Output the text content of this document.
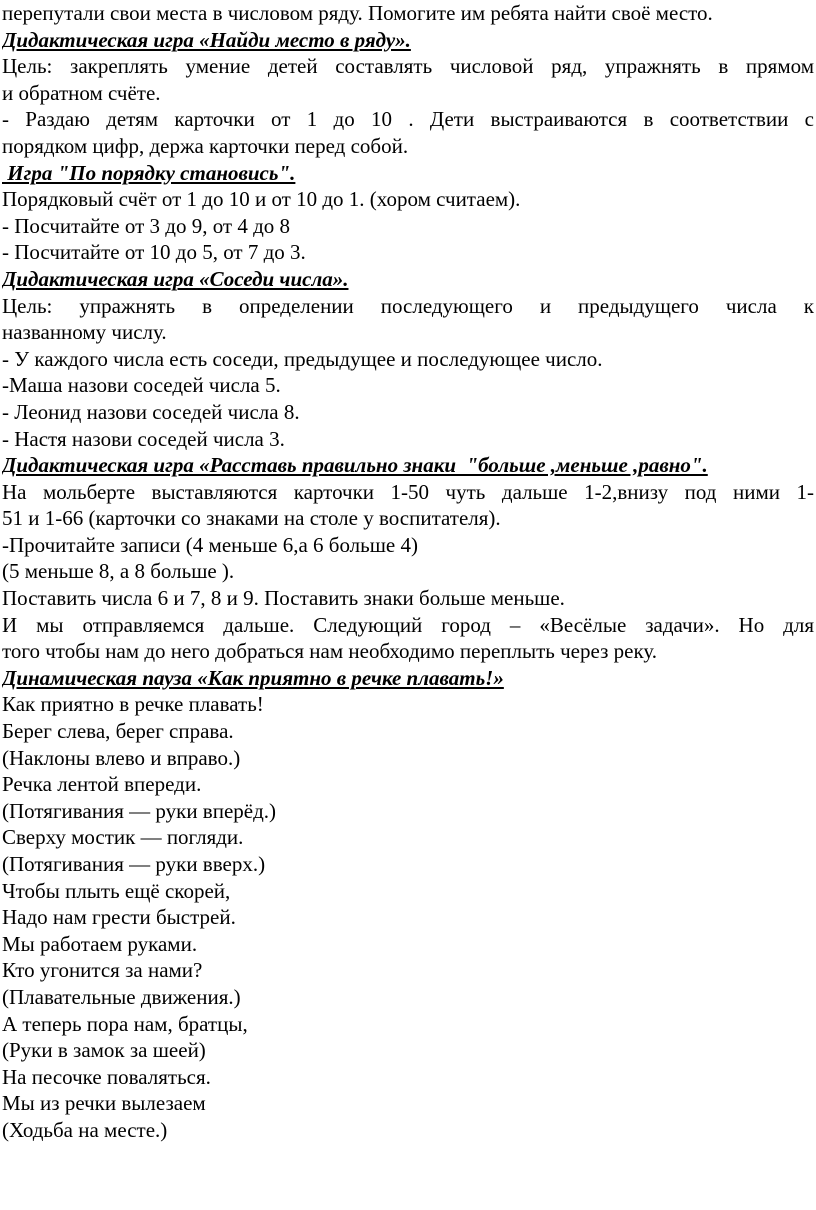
перепутали свои места в числовом ряду. Помогите им ребята найти своё место.
Дидактическая игра «Найди место в ряду».
Цель: закреплять умение детей составлять числовой ряд, упражнять в прямом
и обратном счёте.
- Раздаю детям карточки от 1 до 10 . Дети выстраиваются в соответствии с
порядком цифр, держа карточки перед собой.
Игра "По порядку становись".
Порядковый счёт от 1 до 10 и от 10 до 1. (хором считаем).
- Посчитайте от 3 до 9, от 4 до 8
- Посчитайте от 10 до 5, от 7 до 3.
Дидактическая игра «Соседи числа».
Цель: упражнять в определении последующего и предыдущего числа к
названному числу.
- У каждого числа есть соседи, предыдущее и последующее число.
-Маша назови соседей числа 5.
- Леонид назови соседей числа 8.
- Настя назови соседей числа 3.
Дидактическая игра «Расставь правильно знаки  "больше ,меньше ,равно".
На мольберте выставляются карточки 1-50 чуть дальше 1-2,внизу под ними 1-
51 и 1-66 (карточки со знаками на столе у воспитателя).
-Прочитайте записи (4 меньше 6,а 6 больше 4)
(5 меньше 8, а 8 больше ).
Поставить числа 6 и 7, 8 и 9. Поставить знаки больше меньше.
И мы отправляемся дальше. Следующий город – «Весёлые задачи». Но для
того чтобы нам до него добраться нам необходимо переплыть через реку.
Динамическая пауза «Как приятно в речке плавать!»
Как приятно в речке плавать!
Берег слева, берег справа.
(Наклоны влево и вправо.)
Речка лентой впереди.
(Потягивания — руки вперёд.)
Сверху мостик — погляди.
(Потягивания — руки вверх.)
Чтобы плыть ещё скорей,
Надо нам грести быстрей.
Мы работаем руками.
Кто угонится за нами?
(Плавательные движения.)
А теперь пора нам, братцы,
(Руки в замок за шеей)
На песочке поваляться.
Мы из речки вылезаем
(Ходьба на месте.)
